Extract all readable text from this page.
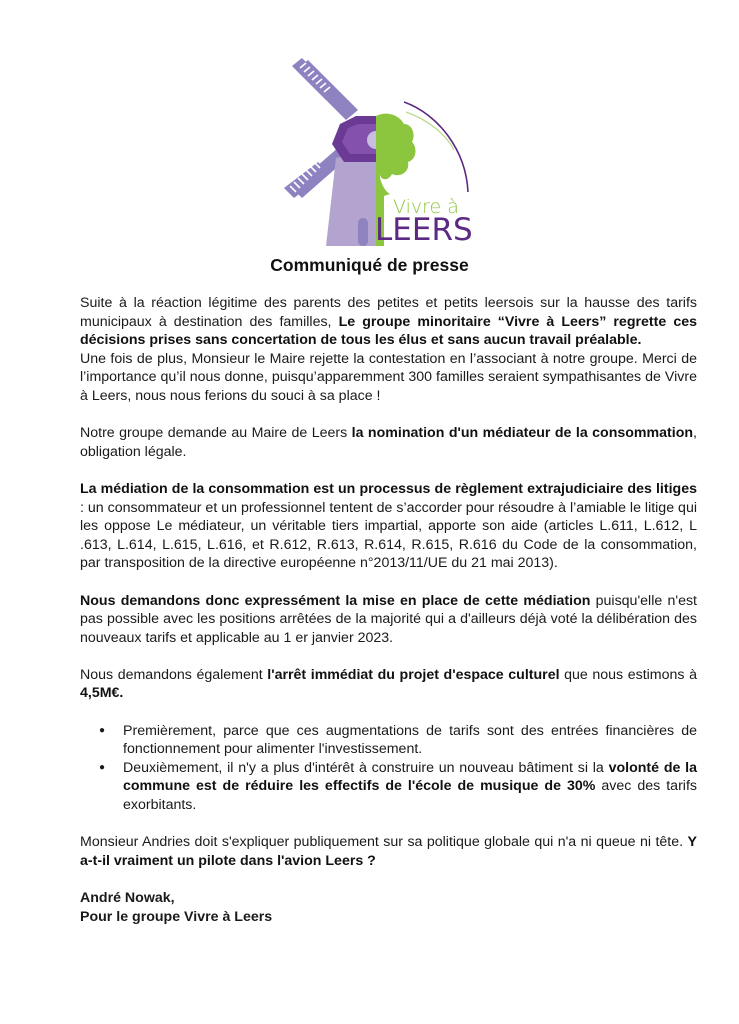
Vivre à
LEERS
Communiqué de presse

Suite à la réaction légitime des parents des petites et petits leersois sur la hausse des tarifs municipaux à destination des familles, Le groupe minoritaire “Vivre à Leers” regrette ces décisions prises sans concertation de tous les élus et sans aucun travail préalable.

Une fois de plus, Monsieur le Maire rejette la contestation en l’associant à notre groupe. Merci de l’importance qu’il nous donne, puisqu’apparemment 300 familles seraient sympathisantes de Vivre à Leers, nous nous ferions du souci à sa place !

Notre groupe demande au Maire de Leers la nomination d'un médiateur de la consommation, obligation légale.

La médiation de la consommation est un processus de règlement extrajudiciaire des litiges : un consommateur et un professionnel tentent de s’accorder pour résoudre à l’amiable le litige qui les oppose Le médiateur, un véritable tiers impartial, apporte son aide (articles L.611, L.612, L .613, L.614, L.615, L.616, et R.612, R.613, R.614, R.615, R.616 du Code de la consommation, par transposition de la directive européenne n°2013/11/UE du 21 mai 2013).

Nous demandons donc expressément la mise en place de cette médiation puisqu'elle n'est pas possible avec les positions arrêtées de la majorité qui a d'ailleurs déjà voté la délibération des nouveaux tarifs et applicable au 1 er janvier 2023.

Nous demandons également l'arrêt immédiat du projet d'espace culturel que nous estimons à 4,5M€.

● Premièrement, parce que ces augmentations de tarifs sont des entrées financières de fonctionnement pour alimenter l'investissement.
● Deuxièmement, il n'y a plus d'intérêt à construire un nouveau bâtiment si la volonté de la commune est de réduire les effectifs de l'école de musique de 30% avec des tarifs exorbitants.

Monsieur Andries doit s'expliquer publiquement sur sa politique globale qui n'a ni queue ni tête. Y a-t-il vraiment un pilote dans l'avion Leers ?

André Nowak,

Pour le groupe Vivre à Leers
